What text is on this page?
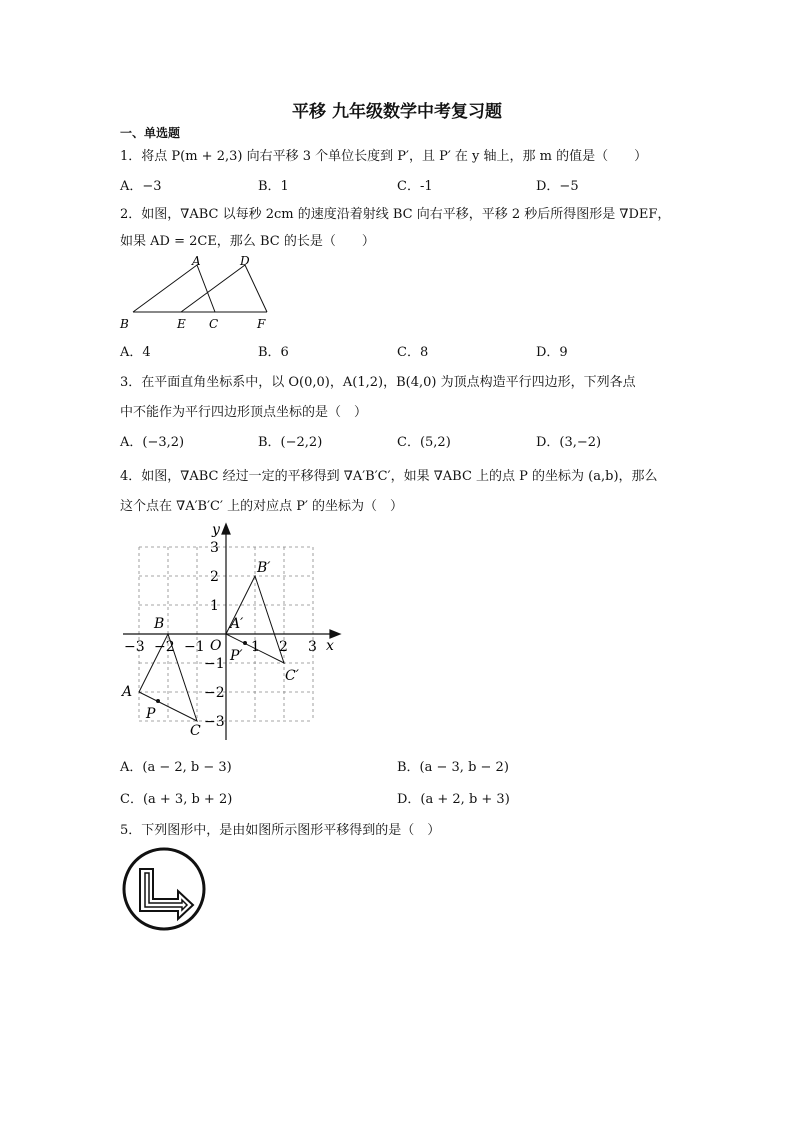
平移 九年级数学中考复习题
一、单选题
1．将点 P(m + 2,3) 向右平移 3 个单位长度到 P′，且 P′ 在 y 轴上，那 m 的值是（　　）
A．−3	B．1	C．-1	D．−5
2．如图，∇ABC 以每秒 2cm 的速度沿着射线 BC 向右平移，平移 2 秒后所得图形是 ∇DEF，
如果 AD = 2CE，那么 BC 的长是（　　）
A	D
B	E C	F
A．4	B．6	C．8	D．9
3．在平面直角坐标系中，以 O(0,0)，A(1,2)，B(4,0) 为顶点构造平行四边形，下列各点
中不能作为平行四边形顶点坐标的是（　）
A．(−3,2)	B．(−2,2)	C．(5,2)	D．(3,−2)
4．如图，∇ABC 经过一定的平移得到 ∇A′B′C′，如果 ∇ABC 上的点 P 的坐标为 (a,b)，那么
这个点在 ∇A′B′C′ 上的对应点 P′ 的坐标为（　）
y
x
O
−3 −2 −1	1 2 3
3
2
1
−1
−2
−3
A
B
C
P
A′
B′
C′
P′
A．(a − 2, b − 3)	B．(a − 3, b − 2)
C．(a + 3, b + 2)	D．(a + 2, b + 3)
5．下列图形中，是由如图所示图形平移得到的是（　）
